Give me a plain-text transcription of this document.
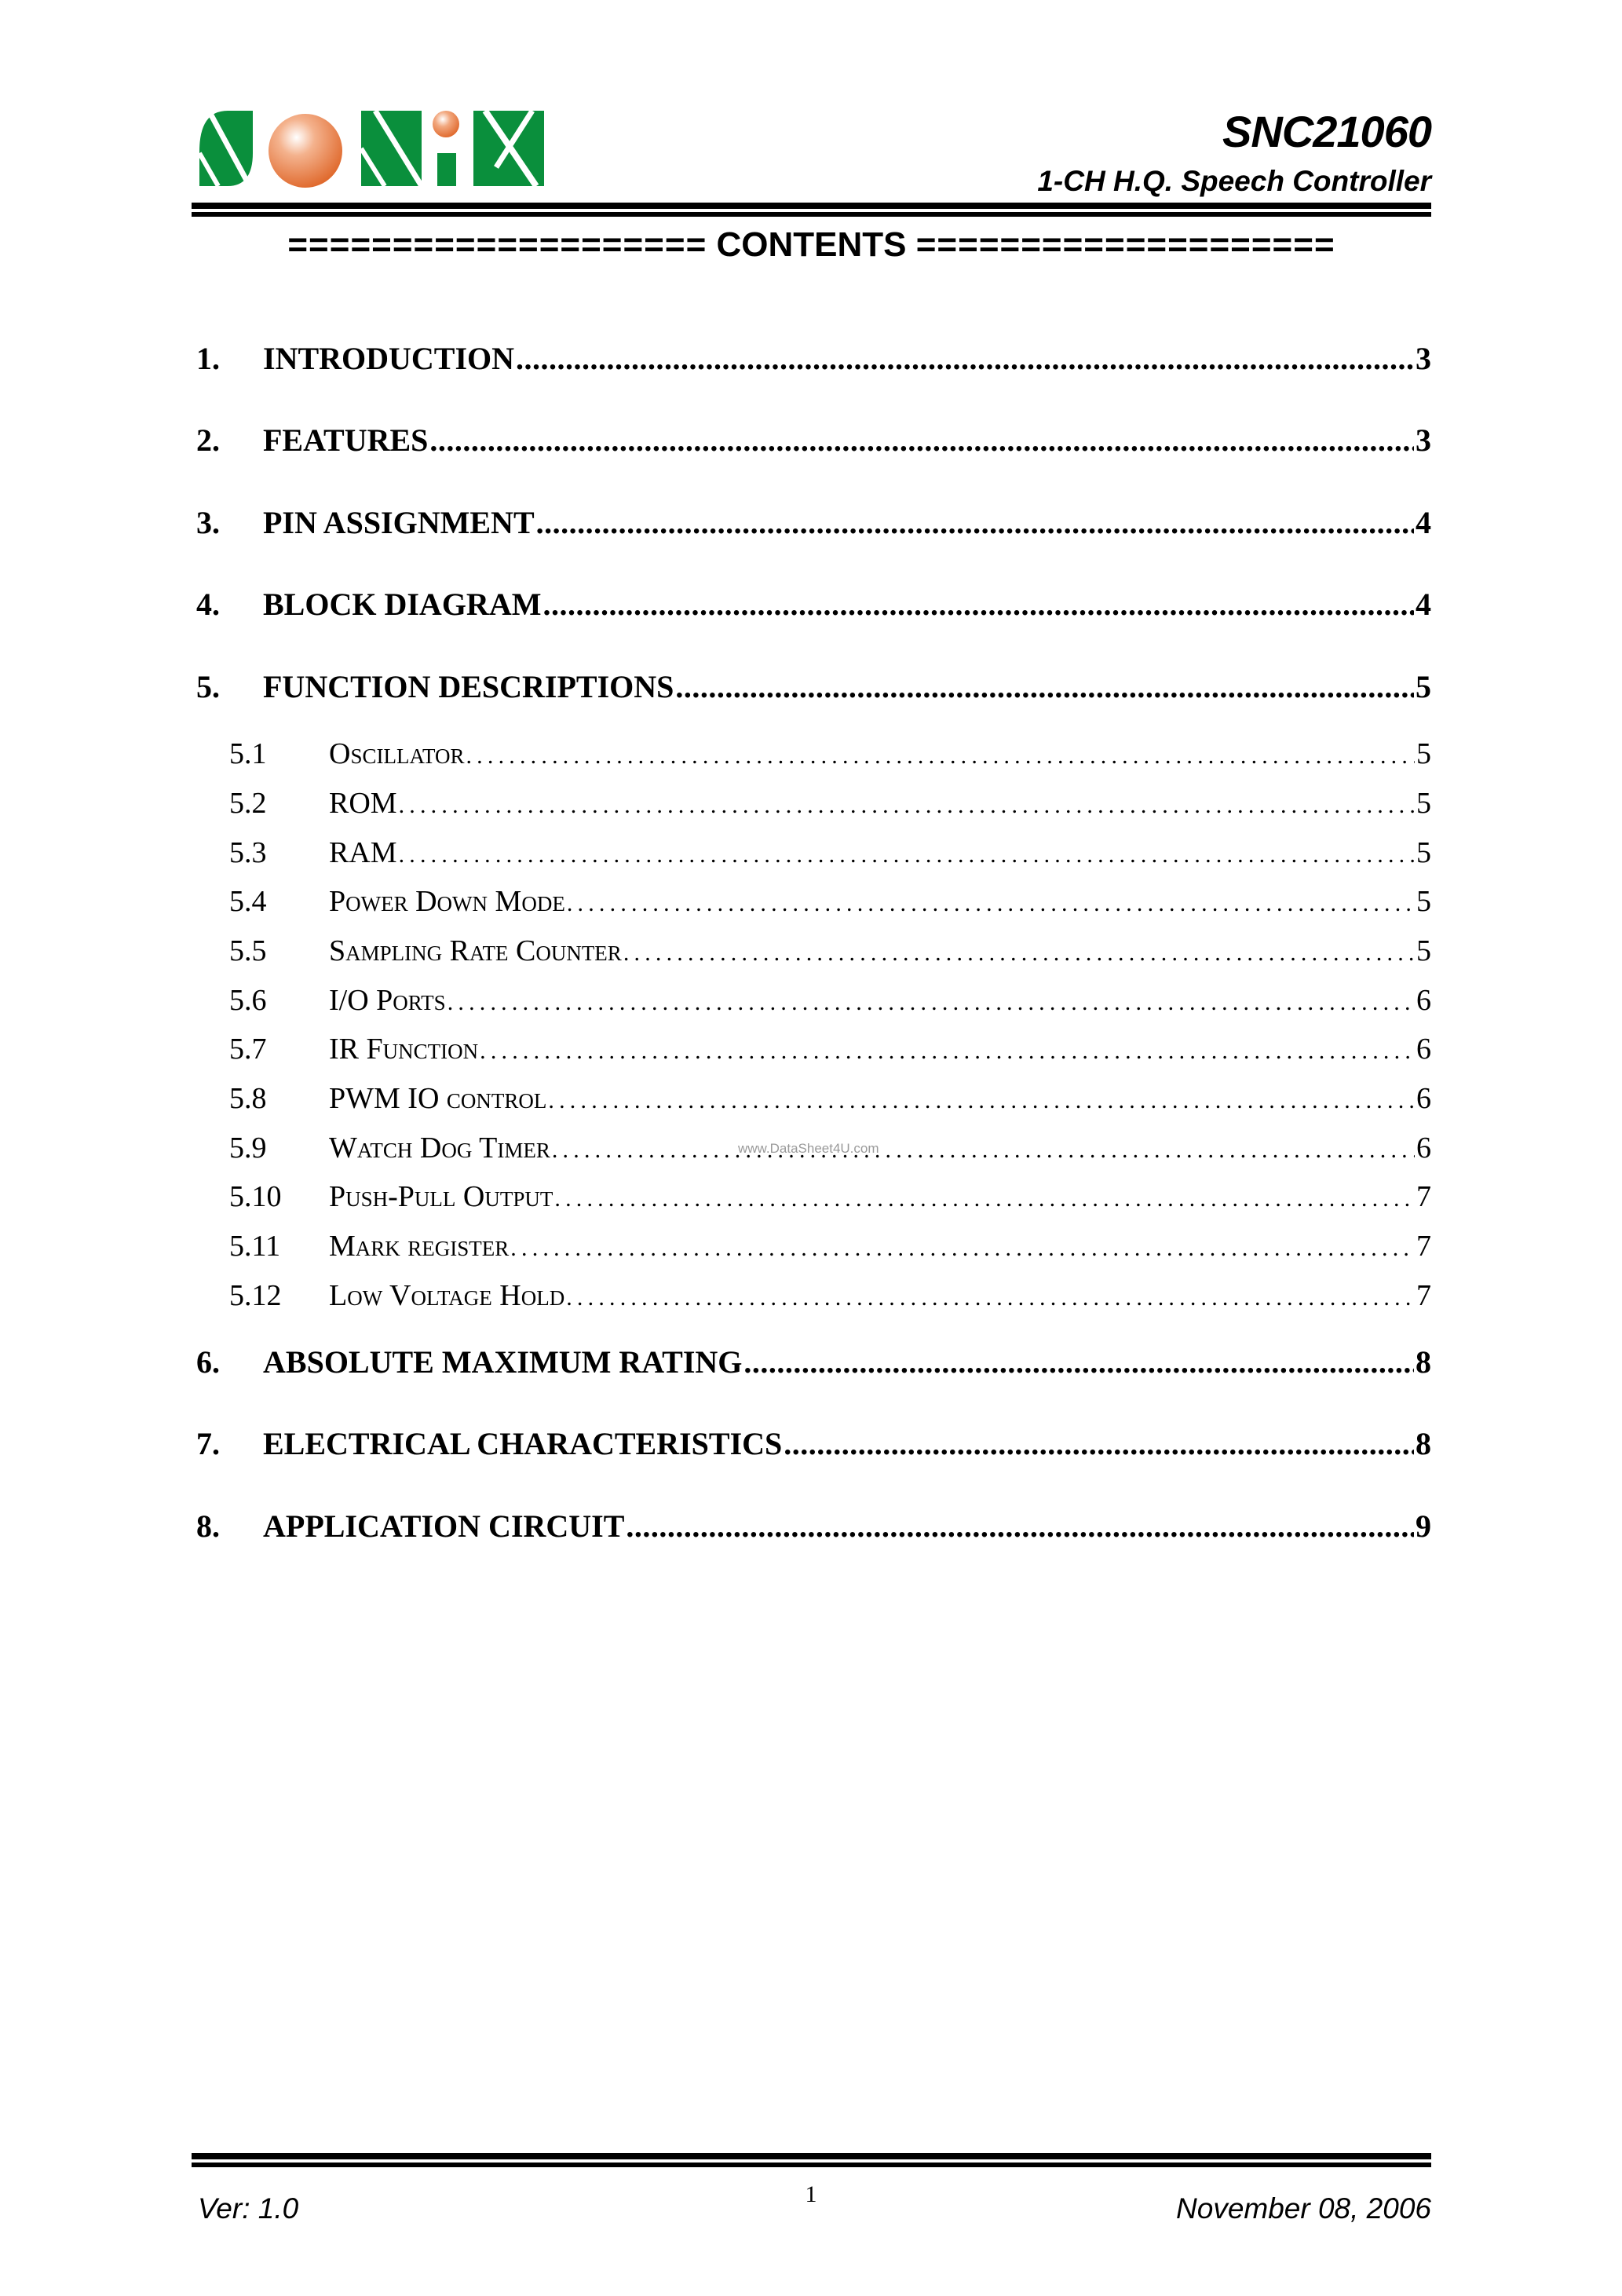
SNC21060
1-CH H.Q. Speech Controller
==================== CONTENTS ====================
1.	INTRODUCTION .....	3
2.	FEATURES .....	3
3.	PIN ASSIGNMENT .....	4
4.	BLOCK DIAGRAM .....	4
5.	FUNCTION DESCRIPTIONS .....	5
5.1	Oscillator .....	5
5.2	ROM .....	5
5.3	RAM .....	5
5.4	Power Down Mode .....	5
5.5	Sampling Rate Counter .....	5
5.6	I/O Ports .....	6
5.7	IR Function .....	6
5.8	PWM IO control .....	6
5.9	Watch Dog Timer .....	6
5.10	Push-Pull Output .....	7
5.11	Mark register .....	7
5.12	Low Voltage Hold .....	7
6.	ABSOLUTE MAXIMUM RATING .....	8
7.	ELECTRICAL CHARACTERISTICS .....	8
8.	APPLICATION CIRCUIT .....	9
www.DataSheet4U.com
Ver: 1.0	1	November 08, 2006
